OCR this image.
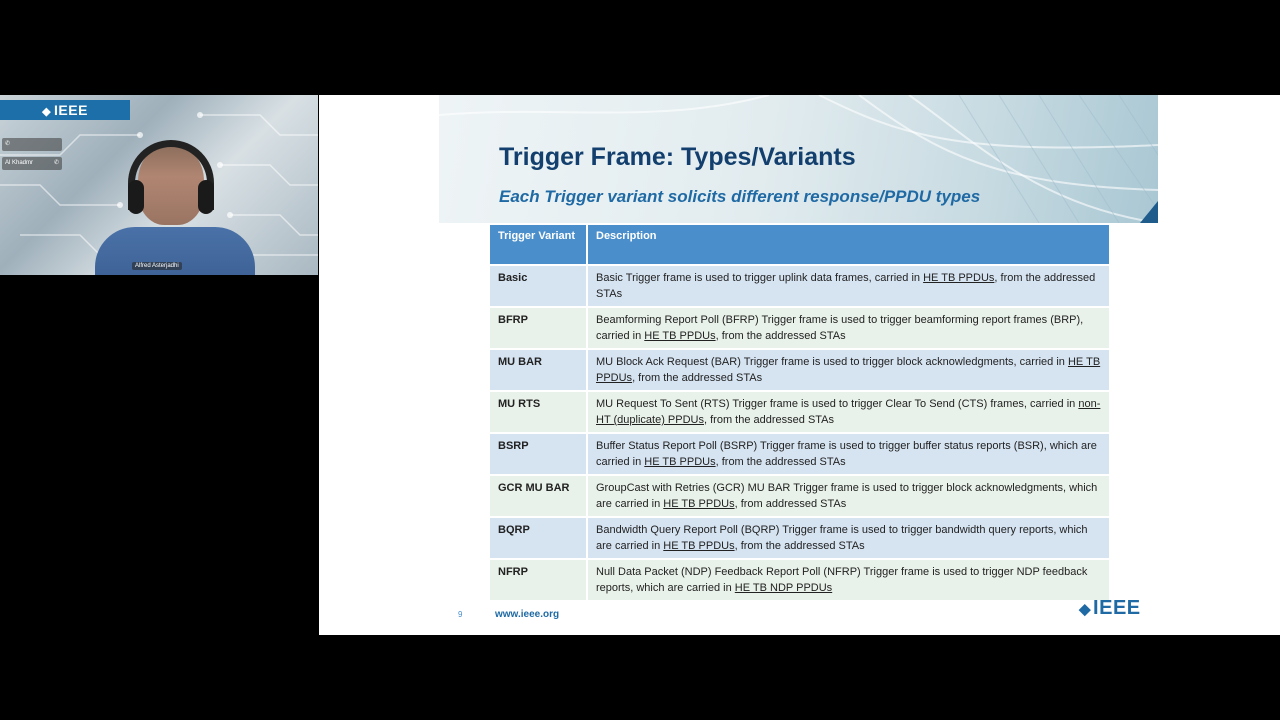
◆ IEEE
✆
Al Khadmr	✆
Alfred Asterjadhi
Trigger Frame: Types/Variants
Each Trigger variant solicits different response/PPDU types
Trigger Variant	Description
Basic	Basic Trigger frame is used to trigger uplink data frames, carried in HE TB PPDUs, from the addressed STAs
BFRP	Beamforming Report Poll (BFRP) Trigger frame is used to trigger beamforming report frames (BRP), carried in HE TB PPDUs, from the addressed STAs
MU BAR	MU Block Ack Request (BAR) Trigger frame is used to trigger block acknowledgments, carried in HE TB PPDUs, from the addressed STAs
MU RTS	MU Request To Sent (RTS) Trigger frame is used to trigger Clear To Send (CTS) frames, carried in non-HT (duplicate) PPDUs, from the addressed STAs
BSRP	Buffer Status Report Poll (BSRP) Trigger frame is used to trigger buffer status reports (BSR), which are carried in HE TB PPDUs, from the addressed STAs
GCR MU BAR	GroupCast with Retries (GCR) MU BAR Trigger frame is used to trigger block acknowledgments, which are carried in HE TB PPDUs, from addressed STAs
BQRP	Bandwidth Query Report Poll (BQRP) Trigger frame is used to trigger bandwidth query reports, which are carried in HE TB PPDUs, from the addressed STAs
NFRP	Null Data Packet (NDP) Feedback Report Poll (NFRP) Trigger frame is used to trigger NDP feedback reports, which are carried in HE TB NDP PPDUs
9	www.ieee.org	◆ IEEE
